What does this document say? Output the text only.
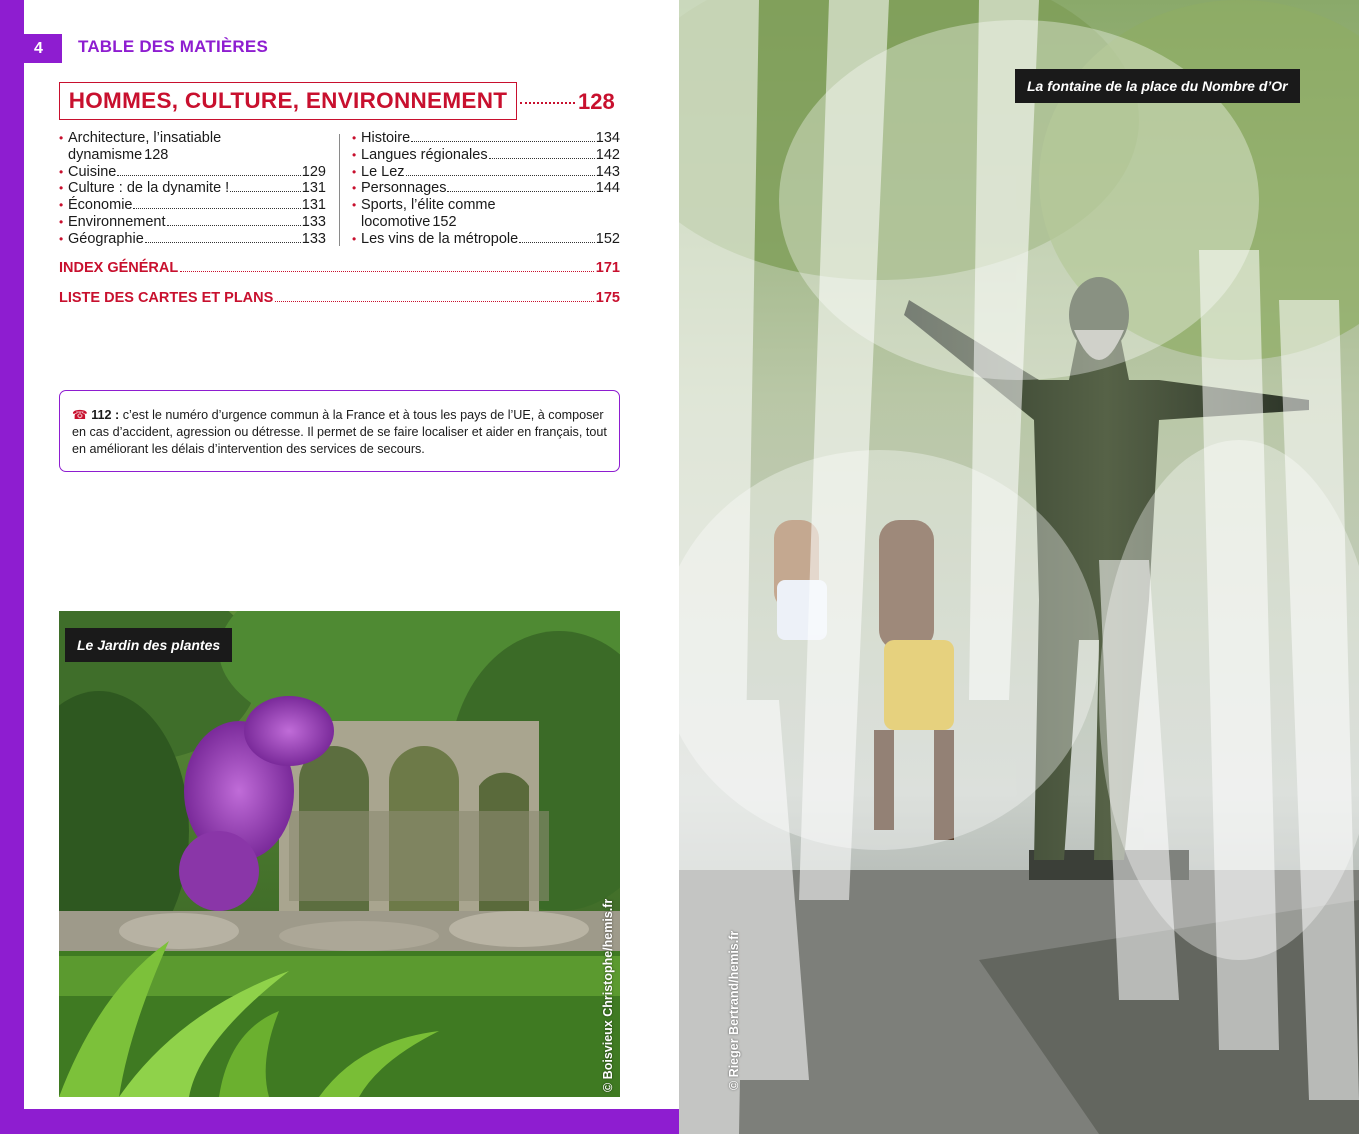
4 TABLE DES MATIÈRES
HOMMES, CULTURE, ENVIRONNEMENT	128
• Architecture, l’insatiable
dynamisme 128
• Cuisine	129
• Culture : de la dynamite !	131
• Économie	131
• Environnement	133
• Géographie	133
• Histoire	134
• Langues régionales	142
• Le Lez	143
• Personnages	144
• Sports, l’élite comme
locomotive 152
• Les vins de la métropole	152
INDEX GÉNÉRAL	171
LISTE DES CARTES ET PLANS	175
☎ 112 : c’est le numéro d’urgence commun à la France et à tous les pays de l’UE, à composer en cas d’accident, agression ou détresse. Il permet de se faire localiser et aider en français, tout en améliorant les délais d’intervention des services de secours.
Le Jardin des plantes
© Boisvieux Christophe/hemis.fr
La fontaine de la place du Nombre d’Or
© Rieger Bertrand/hemis.fr
